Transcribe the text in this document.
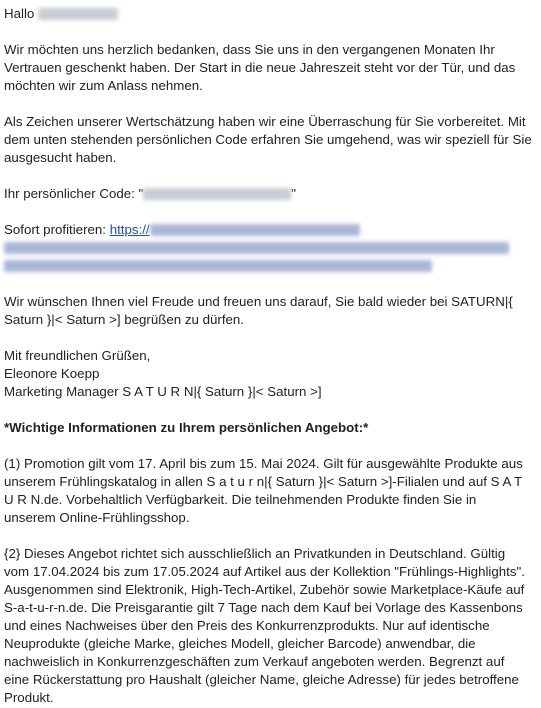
Hallo
Wir möchten uns herzlich bedanken, dass Sie uns in den vergangenen Monaten Ihr
Vertrauen geschenkt haben. Der Start in die neue Jahreszeit steht vor der Tür, und das
möchten wir zum Anlass nehmen.
Als Zeichen unserer Wertschätzung haben wir eine Überraschung für Sie vorbereitet. Mit
dem unten stehenden persönlichen Code erfahren Sie umgehend, was wir speziell für Sie
ausgesucht haben.
Ihr persönlicher Code: "	"
Sofort profitieren: https://
Wir wünschen Ihnen viel Freude und freuen uns darauf, Sie bald wieder bei SATURN|{
Saturn }|< Saturn >] begrüßen zu dürfen.
Mit freundlichen Grüßen,
Eleonore Koepp
Marketing Manager S A T U R N|{ Saturn }|< Saturn >]
*Wichtige Informationen zu Ihrem persönlichen Angebot:*
(1) Promotion gilt vom 17. April bis zum 15. Mai 2024. Gilt für ausgewählte Produkte aus
unserem Frühlingskatalog in allen S a t u r n|{ Saturn }|< Saturn >]-Filialen und auf S A T
U R N.de. Vorbehaltlich Verfügbarkeit. Die teilnehmenden Produkte finden Sie in
unserem Online-Frühlingsshop.
{2} Dieses Angebot richtet sich ausschließlich an Privatkunden in Deutschland. Gültig
vom 17.04.2024 bis zum 17.05.2024 auf Artikel aus der Kollektion "Frühlings-Highlights".
Ausgenommen sind Elektronik, High-Tech-Artikel, Zubehör sowie Marketplace-Käufe auf
S-a-t-u-r-n.de. Die Preisgarantie gilt 7 Tage nach dem Kauf bei Vorlage des Kassenbons
und eines Nachweises über den Preis des Konkurrenzprodukts. Nur auf identische
Neuprodukte (gleiche Marke, gleiches Modell, gleicher Barcode) anwendbar, die
nachweislich in Konkurrenzgeschäften zum Verkauf angeboten werden. Begrenzt auf
eine Rückerstattung pro Haushalt (gleicher Name, gleiche Adresse) für jedes betroffene
Produkt.
